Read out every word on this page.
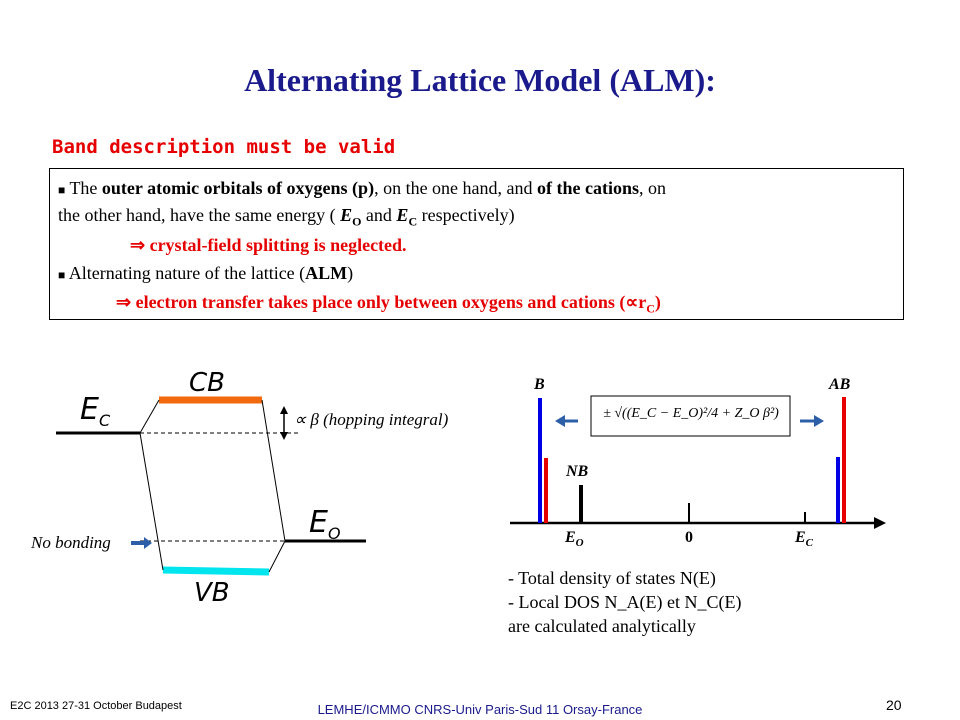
Alternating Lattice Model (ALM):
Band description must be valid
■ The outer atomic orbitals of oxygens (p), on the one hand, and of the cations, on
the other hand, have the same energy ( $E_O$ and $E_C$ respectively)
⇒ crystal-field splitting is neglected.
■ Alternating nature of the lattice (ALM)
⇒ electron transfer takes place only between oxygens and cations $(\propto r_C)$
$E_C$
CB
∝ β (hopping integral)
$E_O$
No bonding
VB
B	AB
NB
$E_O$	0	$E_C$
± √((E_C − E_O)²/4 + Z_O β²)
- Total density of states N(E)
- Local DOS N_A(E) et N_C(E)
are calculated analytically
E2C 2013 27-31 October Budapest	LEMHE/ICMMO CNRS-Univ Paris-Sud 11 Orsay-France	20
